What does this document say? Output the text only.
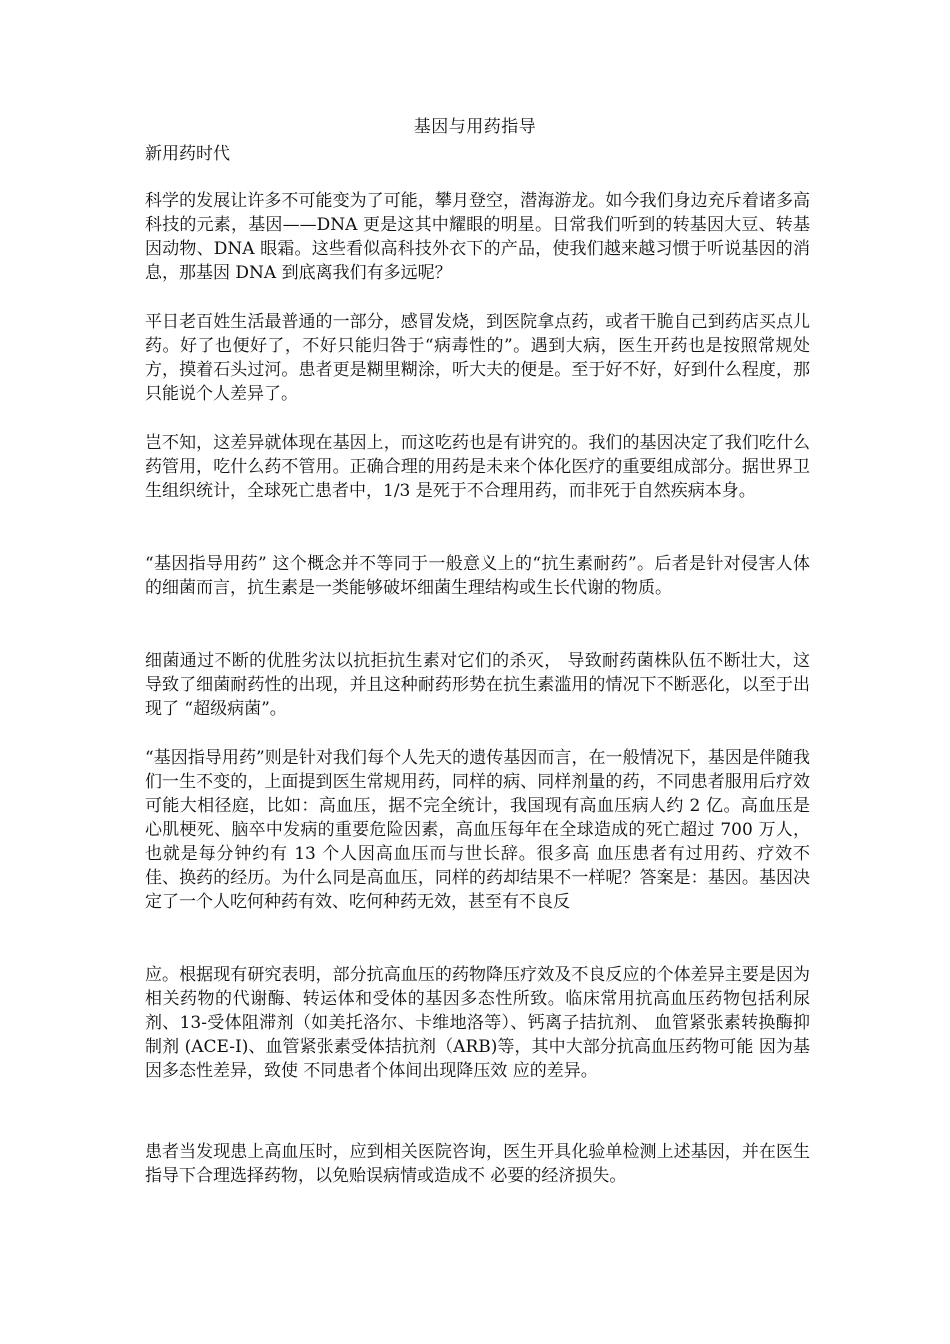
基因与用药指导
新用药时代

科学的发展让许多不可能变为了可能，攀月登空，潜海游龙。如今我们身边充斥着诸多高科技的元素，基因——DNA 更是这其中耀眼的明星。日常我们听到的转基因大豆、转基因动物、DNA 眼霜。这些看似高科技外衣下的产品，使我们越来越习惯于听说基因的消息，那基因 DNA 到底离我们有多远呢？

平日老百姓生活最普通的一部分，感冒发烧，到医院拿点药，或者干脆自己到药店买点儿药。好了也便好了，不好只能归咎于“病毒性的”。遇到大病，医生开药也是按照常规处方，摸着石头过河。患者更是糊里糊涂，听大夫的便是。至于好不好，好到什么程度，那只能说个人差异了。

岂不知，这差异就体现在基因上，而这吃药也是有讲究的。我们的基因决定了我们吃什么药管用，吃什么药不管用。正确合理的用药是未来个体化医疗的重要组成部分。据世界卫生组织统计，全球死亡患者中，1/3 是死于不合理用药，而非死于自然疾病本身。

“基因指导用药” 这个概念并不等同于一般意义上的“抗生素耐药”。后者是针对侵害人体的细菌而言，抗生素是一类能够破坏细菌生理结构或生长代谢的物质。

细菌通过不断的优胜劣汰以抗拒抗生素对它们的杀灭， 导致耐药菌株队伍不断壮大，这导致了细菌耐药性的出现，并且这种耐药形势在抗生素滥用的情况下不断恶化，以至于出现了 “超级病菌”。

“基因指导用药”则是针对我们每个人先天的遗传基因而言，在一般情况下，基因是伴随我们一生不变的，上面提到医生常规用药，同样的病、同样剂量的药，不同患者服用后疗效可能大相径庭，比如：高血压，据不完全统计，我国现有高血压病人约 2 亿。高血压是心肌梗死、脑卒中发病的重要危险因素，高血压每年在全球造成的死亡超过 700 万人，也就是每分钟约有 13 个人因高血压而与世长辞。很多高 血压患者有过用药、疗效不佳、换药的经历。为什么同是高血压，同样的药却结果不一样呢？答案是：基因。基因决定了一个人吃何种药有效、吃何种药无效，甚至有不良反

应。根据现有研究表明，部分抗高血压的药物降压疗效及不良反应的个体差异主要是因为相关药物的代谢酶、转运体和受体的基因多态性所致。临床常用抗高血压药物包括利尿剂、13-受体阻滞剂（如美托洛尔、卡维地洛等）、钙离子拮抗剂、 血管紧张素转换酶抑制剂 (ACE-I)、血管紧张素受体拮抗剂（ARB)等，其中大部分抗高血压药物可能 因为基因多态性差异，致使 不同患者个体间出现降压效 应的差异。

患者当发现患上高血压时，应到相关医院咨询，医生开具化验单检测上述基因，并在医生指导下合理选择药物，以免贻误病情或造成不 必要的经济损失。
